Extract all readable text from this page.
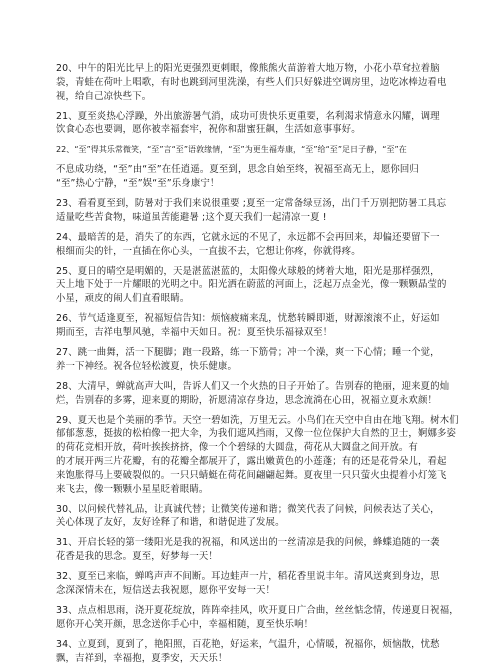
20、中午的阳光比早上的阳光更强烈更刺眼，像熊熊火苗游着大地万物，小花小草耷拉着脑
袋，青蛙在荷叶上唱歌，有时也跳到河里洗澡，有些人们只好躲进空调房里，边吃冰棒边看电
视，给自己凉快些下。
21、夏至炎热心浮躁，外出旅游暑气消，成功可贵快乐更重要，名利渴求情意永闪耀，调理
饮食心态也要调，愿你被幸福套牢，祝你和甜蜜狂飙，生活如意事事好。
22、“至”得其乐常微笑，“至”言“至”语敦缘情，“至”为更生福寿康，“至”给“至”足日子静，“至”在
不息成功绕，“至”由“至”在任逍遥。夏至到，思念自始至终，祝福至高无上，愿你回归
“至”热心宁静，“至”娱“至”乐身康宁！
23、看看夏至到，防暑对于我们来说很重要 ;夏至一定常备绿豆汤，出门千万别把防暑工具忘
适量吃些苦食物，味道虽苦能避暑 ;这个夏天我们一起清凉一夏 !
24、最暗苦的是，消失了的东西，它就永远的不见了，永远都不会再回来，却偏还要留下一
根细而尖的针，一直插在你心头，一直拔不去，它想让你疼，你就得疼。
25、夏日的晴空是明媚的，天是湛蓝湛蓝的，太阳像火球般的烤着大地，阳光是那样强烈，
天上地下处于一片耀眼的光明之中。阳光洒在蔚蓝的河面上，泛起万点金光，像一颗颗晶莹的
小星，顽皮的闹人们直看眼睛。
26、节气适逢夏至，祝福短信告知：烦恼疲痛来乱，忧愁转瞬即逝，财源滚滚不止，好运如
期而至，吉祥电掣风驰，幸福中天如日。祝：夏至快乐福禄双至！
27、跳一曲舞，活一下腿脚；跑一段路，练一下筋骨；冲一个澡，爽一下心情；睡一个觉，
养一下神经。祝各位轻松渡夏，快乐健康。
28、大清早，蝉就高声大叫，告诉人们又一个火热的日子开始了。告别春的艳丽，迎来夏的灿
烂，告别春的多雾，迎来夏的期盼，祈愿清凉存身边，思念流淌在心田，祝福立夏永欢颜！
29、夏天也是个美丽的季节。天空一碧如洗，万里无云。小鸟们在天空中自由在地飞翔。树木们
郁郁葱葱，挺拔的松柏像一把大伞，为我们遮风挡雨，又像一位位保护大自然的卫士，婀娜多姿
的荷花竞相开放，荷叶挨挨挤挤，像一个个碧绿的大圆盘，荷花从大圆盘之间开放。有
的才展开两三片花瓣，有的花瓣全都展开了，露出嫩黄色的小莲蓬；有的还是花骨朵儿，看起
来饱胀得马上要破裂似的。一只只蜻蜓在荷花间翩翩起舞。夏夜里一只只萤火虫提着小灯笼飞
来飞去，像一颗颗小星星眨着眼睛。
30、以问候代替礼品，让真诚代替；让微笑传递和谐；微笑代表了问候，问候表达了关心，
关心体现了友好，友好诠释了和谐，和谐促进了发展。
31、开启长轻的第一缕阳光是我的祝福，和风送出的一丝清凉是我的问候，蜂蝶追随的一袭
花香是我的思念。夏至，好梦每一天！
32、夏至已来临，蝉鸣声声不间断。耳边蛙声一片，稻花香里说丰年。清风送爽到身边，思
念深深情未在，短信送去我祝愿，愿你平安每一天！
33、点点相思雨，浇开夏花绽放，阵阵牵挂风，吹开夏日广合曲，丝丝惦念情，传递夏日祝福，
愿你开心笑开颜，思念送你手心中，幸福相随，夏至快乐响！
34、立夏到，夏到了，艳阳照，百花艳，好运来，气温升，心情暖，祝福你，烦恼散，忧愁
飘，吉祥到，幸福抱，夏季安，天天乐！
